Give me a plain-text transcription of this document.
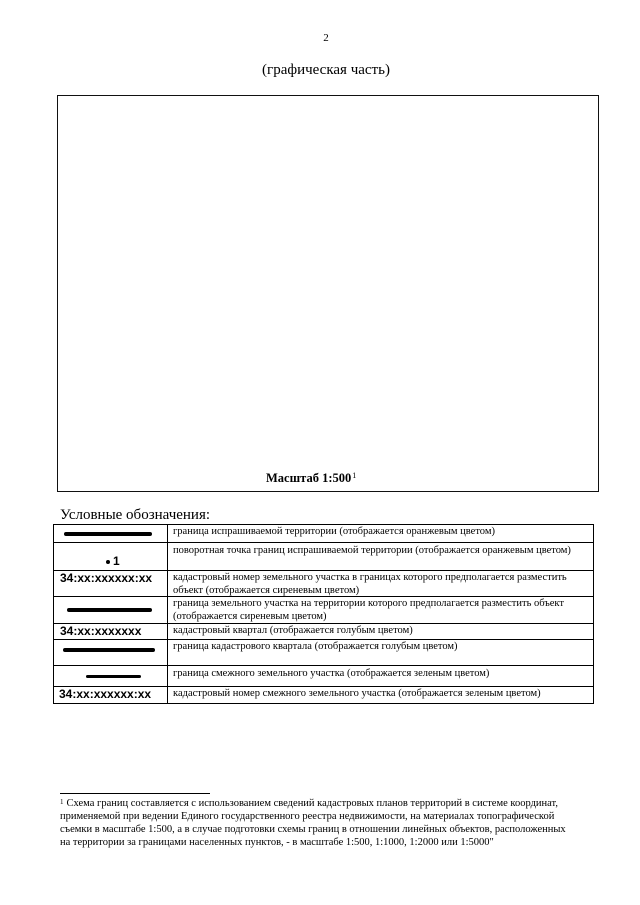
2
(графическая часть)
Масштаб $1:500^1$
Условные обозначения:
граница испрашиваемой территории (отображается оранжевым цветом)
1
поворотная точка границ испрашиваемой территории (отображается оранжевым цветом)
34:xx:xxxxxx:xx кадастровый номер земельного участка в границах которого предполагается разместить
объект (отображается сиреневым цветом)
граница земельного участка на территории которого предполагается разместить объект
(отображается сиреневым цветом)
34:xx:xxxxxxx	кадастровый квартал (отображается голубым цветом)
граница кадастрового квартала (отображается голубым цветом)
граница смежного земельного участка (отображается зеленым цветом)
34:xx:xxxxxx:xx кадастровый номер смежного земельного участка (отображается зеленым цветом)
$^1$ Схема границ составляется с использованием сведений кадастровых планов территорий в системе координат,
применяемой при ведении Единого государственного реестра недвижимости, на материалах топографической
съемки в масштабе 1:500, а в случае подготовки схемы границ в отношении линейных объектов, расположенных
на территории за границами населенных пунктов, - в масштабе 1:500, 1:1000, 1:2000 или 1:5000"
